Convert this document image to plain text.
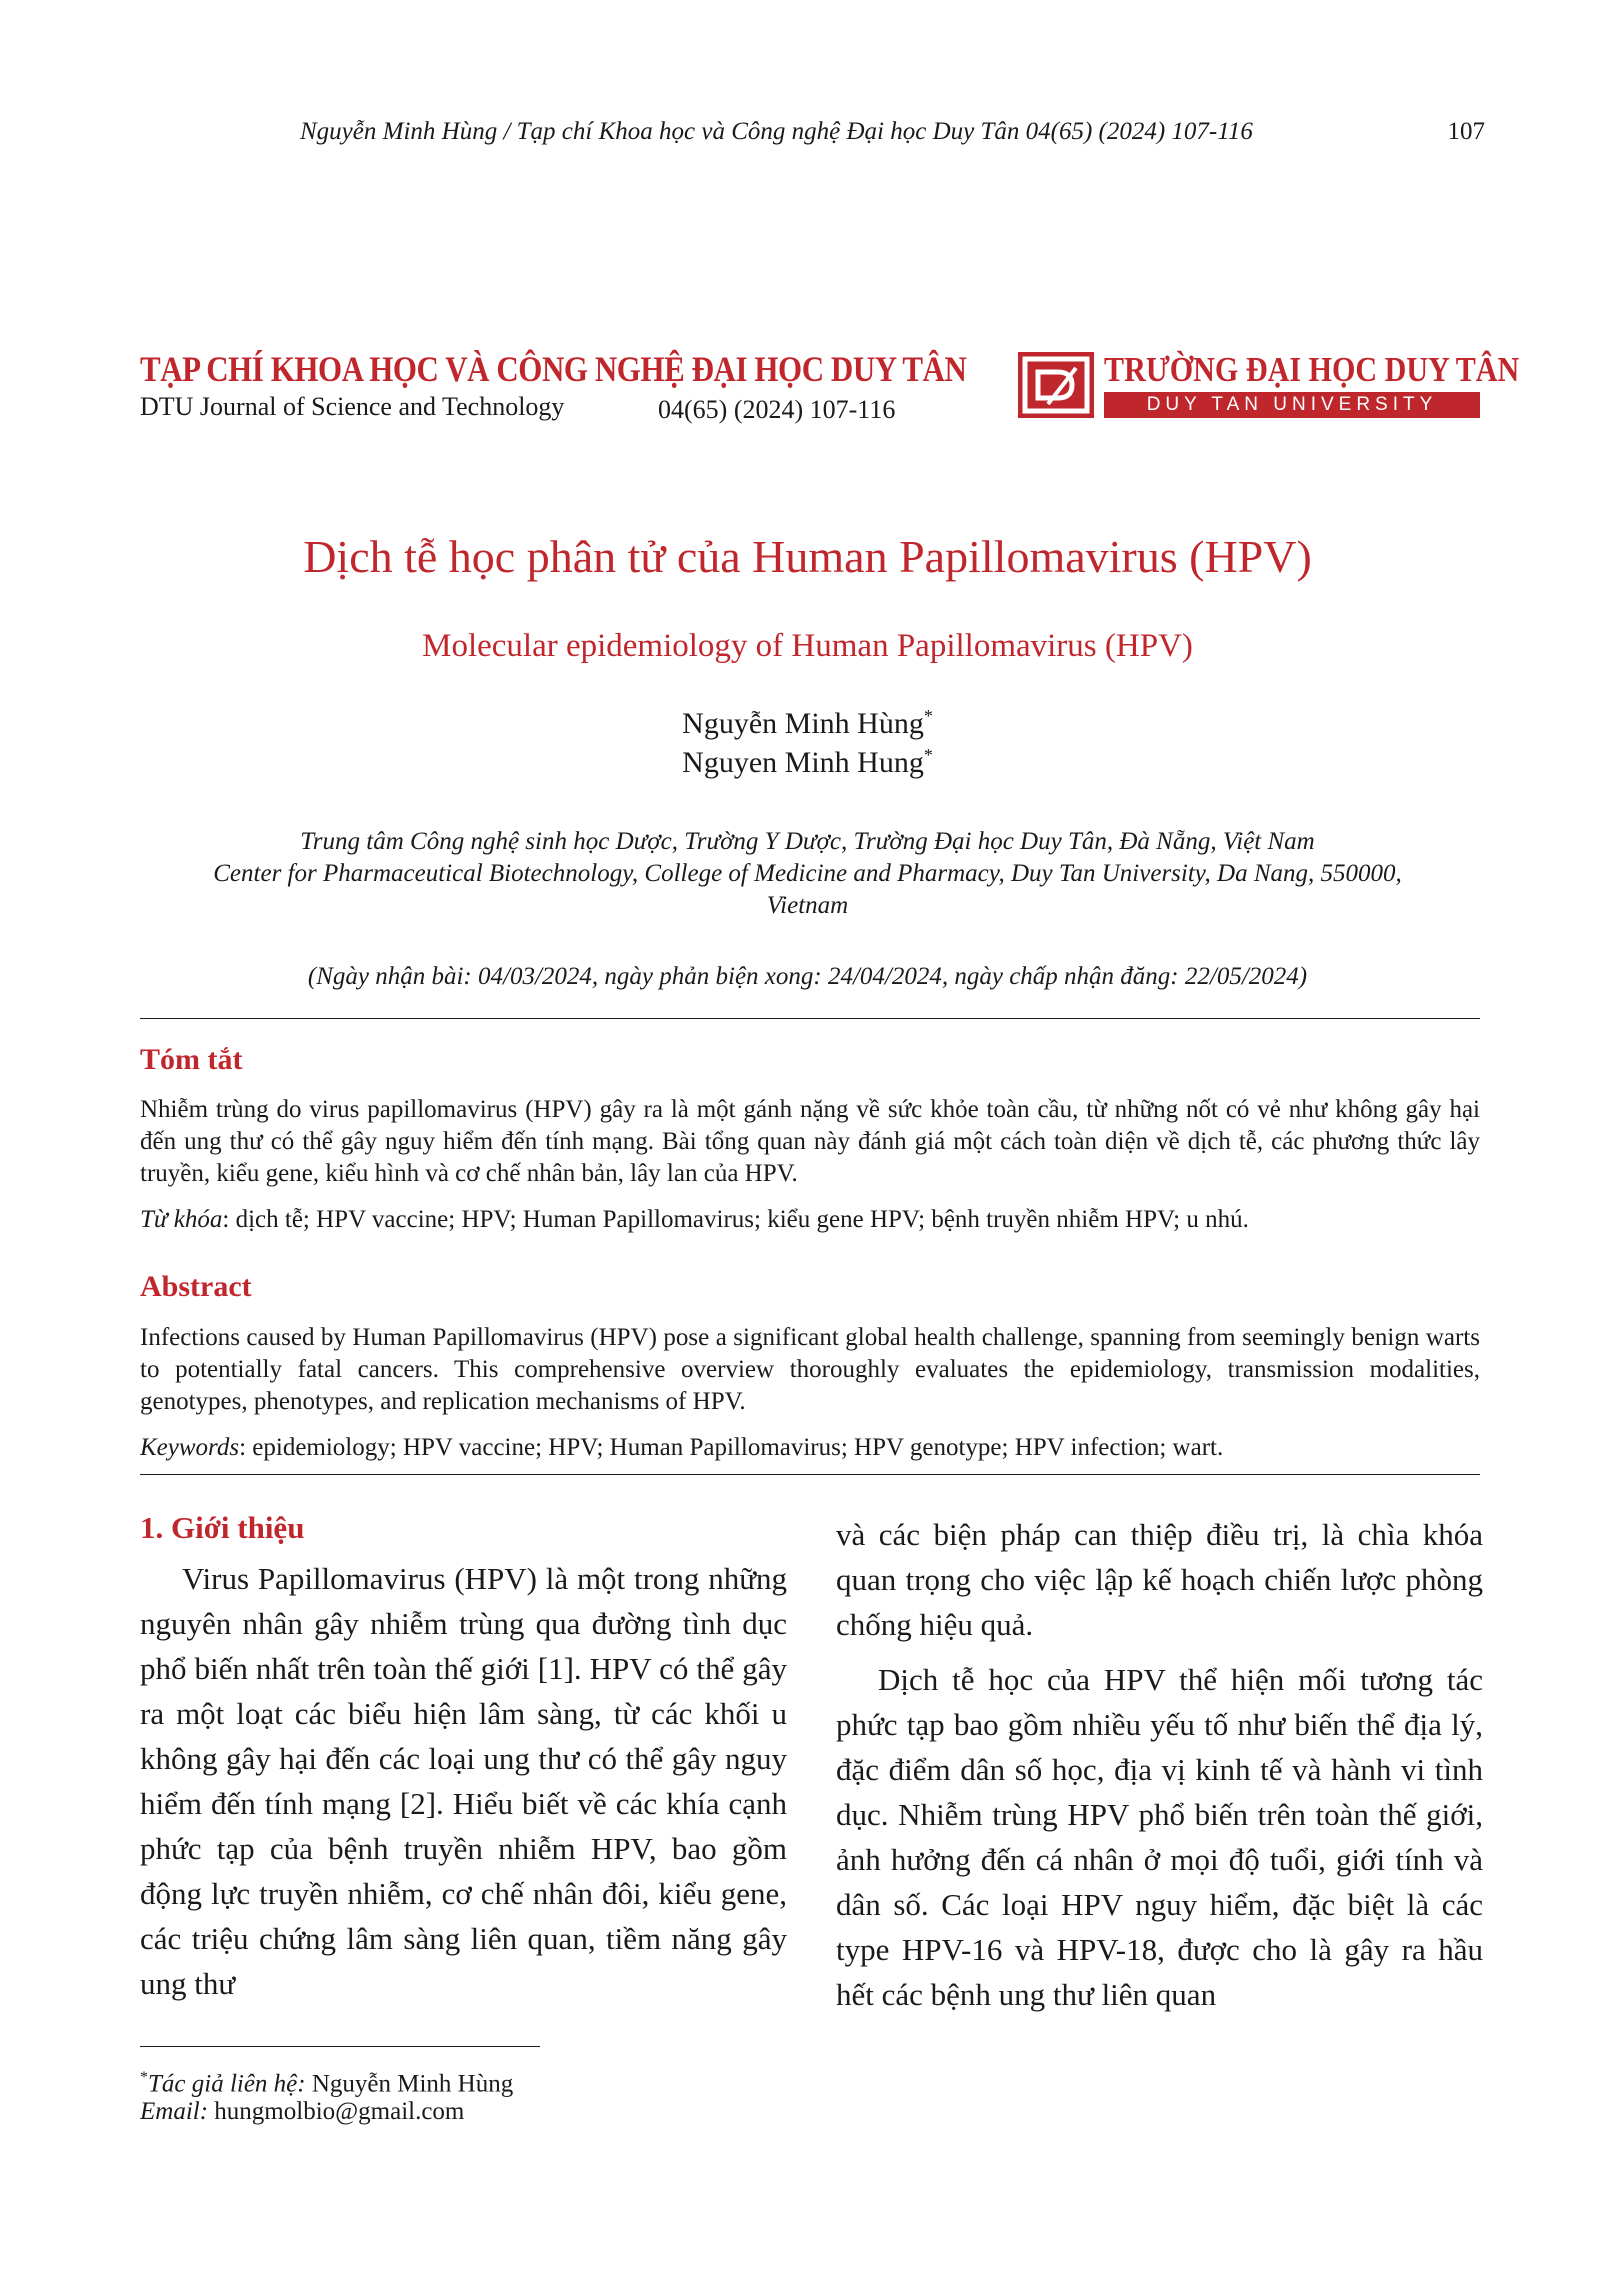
Nguyễn Minh Hùng / Tạp chí Khoa học và Công nghệ Đại học Duy Tân 04(65) (2024) 107-116	107
TẠP CHÍ KHOA HỌC VÀ CÔNG NGHỆ ĐẠI HỌC DUY TÂN
DTU Journal of Science and Technology	04(65) (2024) 107-116
TRƯỜNG ĐẠI HỌC DUY TÂN
DUY TAN UNIVERSITY
Dịch tễ học phân tử của Human Papillomavirus (HPV)
Molecular epidemiology of Human Papillomavirus (HPV)
Nguyễn Minh Hùng*
Nguyen Minh Hung*
Trung tâm Công nghệ sinh học Dược, Trường Y Dược, Trường Đại học Duy Tân, Đà Nẵng, Việt Nam
Center for Pharmaceutical Biotechnology, College of Medicine and Pharmacy, Duy Tan University, Da Nang, 550000,
Vietnam
(Ngày nhận bài: 04/03/2024, ngày phản biện xong: 24/04/2024, ngày chấp nhận đăng: 22/05/2024)
Tóm tắt
Nhiễm trùng do virus papillomavirus (HPV) gây ra là một gánh nặng về sức khỏe toàn cầu, từ những nốt có vẻ như không gây hại đến ung thư có thể gây nguy hiểm đến tính mạng. Bài tổng quan này đánh giá một cách toàn diện về dịch tễ, các phương thức lây truyền, kiểu gene, kiểu hình và cơ chế nhân bản, lây lan của HPV.
Từ khóa: dịch tễ; HPV vaccine; HPV; Human Papillomavirus; kiểu gene HPV; bệnh truyền nhiễm HPV; u nhú.
Abstract
Infections caused by Human Papillomavirus (HPV) pose a significant global health challenge, spanning from seemingly benign warts to potentially fatal cancers. This comprehensive overview thoroughly evaluates the epidemiology, transmission modalities, genotypes, phenotypes, and replication mechanisms of HPV.
Keywords: epidemiology; HPV vaccine; HPV; Human Papillomavirus; HPV genotype; HPV infection; wart.
1. Giới thiệu

Virus Papillomavirus (HPV) là một trong những nguyên nhân gây nhiễm trùng qua đường tình dục phổ biến nhất trên toàn thế giới [1]. HPV có thể gây ra một loạt các biểu hiện lâm sàng, từ các khối u không gây hại đến các loại ung thư có thể gây nguy hiểm đến tính mạng [2]. Hiểu biết về các khía cạnh phức tạp của bệnh truyền nhiễm HPV, bao gồm động lực truyền nhiễm, cơ chế nhân đôi, kiểu gene, các triệu chứng lâm sàng liên quan, tiềm năng gây ung thư

và các biện pháp can thiệp điều trị, là chìa khóa quan trọng cho việc lập kế hoạch chiến lược phòng chống hiệu quả.

Dịch tễ học của HPV thể hiện mối tương tác phức tạp bao gồm nhiều yếu tố như biến thể địa lý, đặc điểm dân số học, địa vị kinh tế và hành vi tình dục. Nhiễm trùng HPV phổ biến trên toàn thế giới, ảnh hưởng đến cá nhân ở mọi độ tuổi, giới tính và dân số. Các loại HPV nguy hiểm, đặc biệt là các type HPV-16 và HPV-18, được cho là gây ra hầu hết các bệnh ung thư liên quan

*Tác giả liên hệ: Nguyễn Minh Hùng
Email: hungmolbio@gmail.com
